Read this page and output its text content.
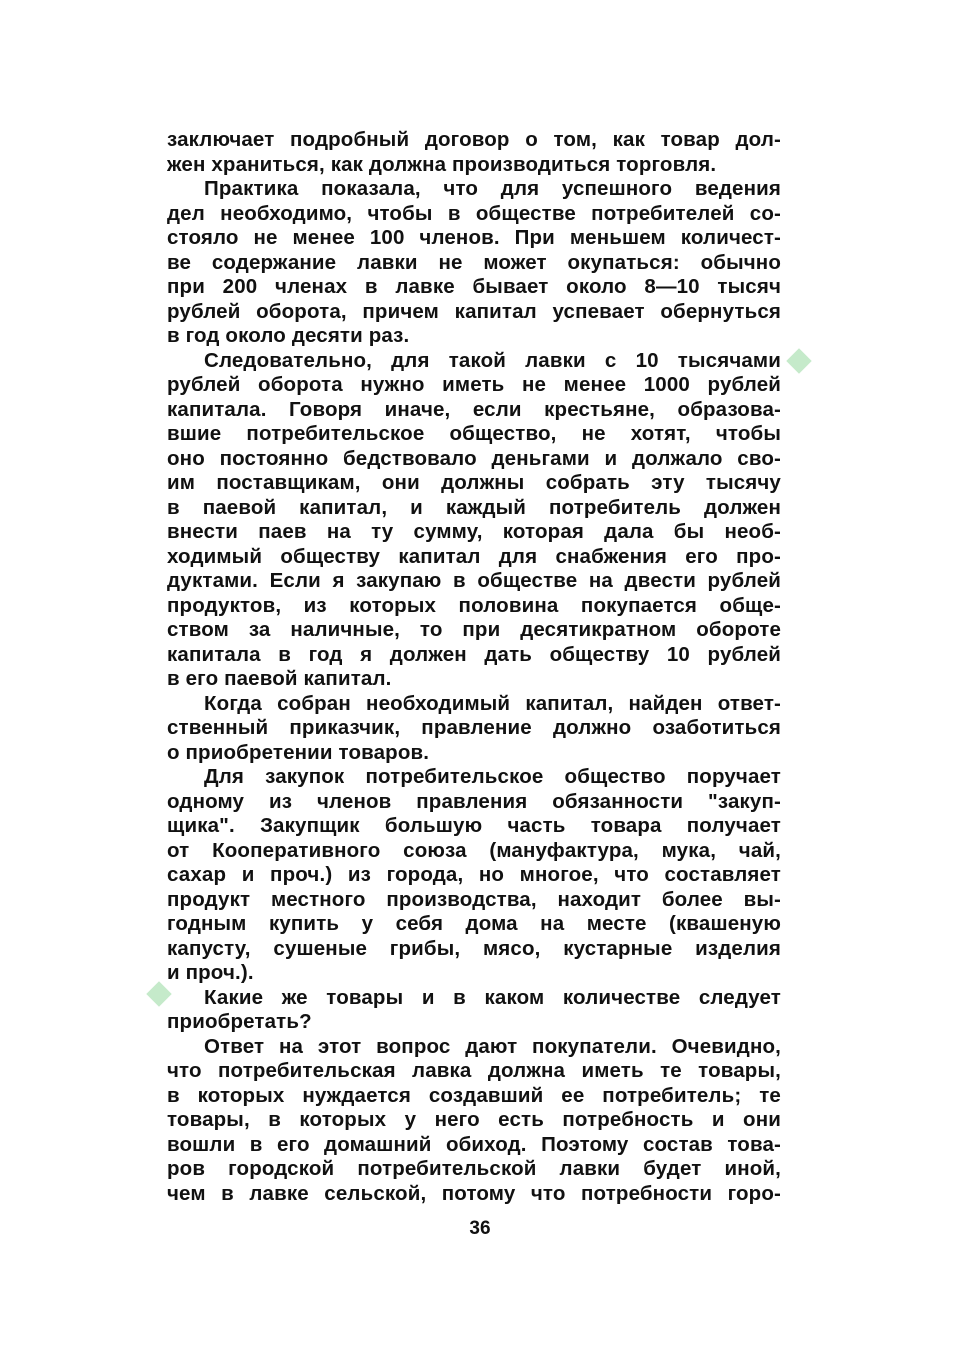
заключает подробный договор о том, как товар дол-
жен храниться, как должна производиться торговля.
Практика показала, что для успешного ведения
дел необходимо, чтобы в обществе потребителей со-
стояло не менее 100 членов. При меньшем количест-
ве содержание лавки не может окупаться: обычно
при 200 членах в лавке бывает около 8—10 тысяч
рублей оборота, причем капитал успевает обернуться
в год около десяти раз.
Следовательно, для такой лавки с 10 тысячами
рублей оборота нужно иметь не менее 1000 рублей
капитала. Говоря иначе, если крестьяне, образова-
вшие потребительское общество, не хотят, чтобы
оно постоянно бедствовало деньгами и должало сво-
им поставщикам, они должны собрать эту тысячу
в паевой капитал, и каждый потребитель должен
внести паев на ту сумму, которая дала бы необ-
ходимый обществу капитал для снабжения его про-
дуктами. Если я закупаю в обществе на двести рублей
продуктов, из которых половина покупается обще-
ством за наличные, то при десятикратном обороте
капитала в год я должен дать обществу 10 рублей
в его паевой капитал.
Когда собран необходимый капитал, найден ответ-
ственный приказчик, правление должно озаботиться
о приобретении товаров.
Для закупок потребительское общество поручает
одному из членов правления обязанности "закуп-
щика". Закупщик большую часть товара получает
от Кооперативного союза (мануфактура, мука, чай,
сахар и проч.) из города, но многое, что составляет
продукт местного производства, находит более вы-
годным купить у себя дома на месте (квашеную
капусту, сушеные грибы, мясо, кустарные изделия
и проч.).
Какие же товары и в каком количестве следует
приобретать?
Ответ на этот вопрос дают покупатели. Очевидно,
что потребительская лавка должна иметь те товары,
в которых нуждается создавший ее потребитель; те
товары, в которых у него есть потребность и они
вошли в его домашний обиход. Поэтому состав това-
ров городской потребительской лавки будет иной,
чем в лавке сельской, потому что потребности горо-
36
